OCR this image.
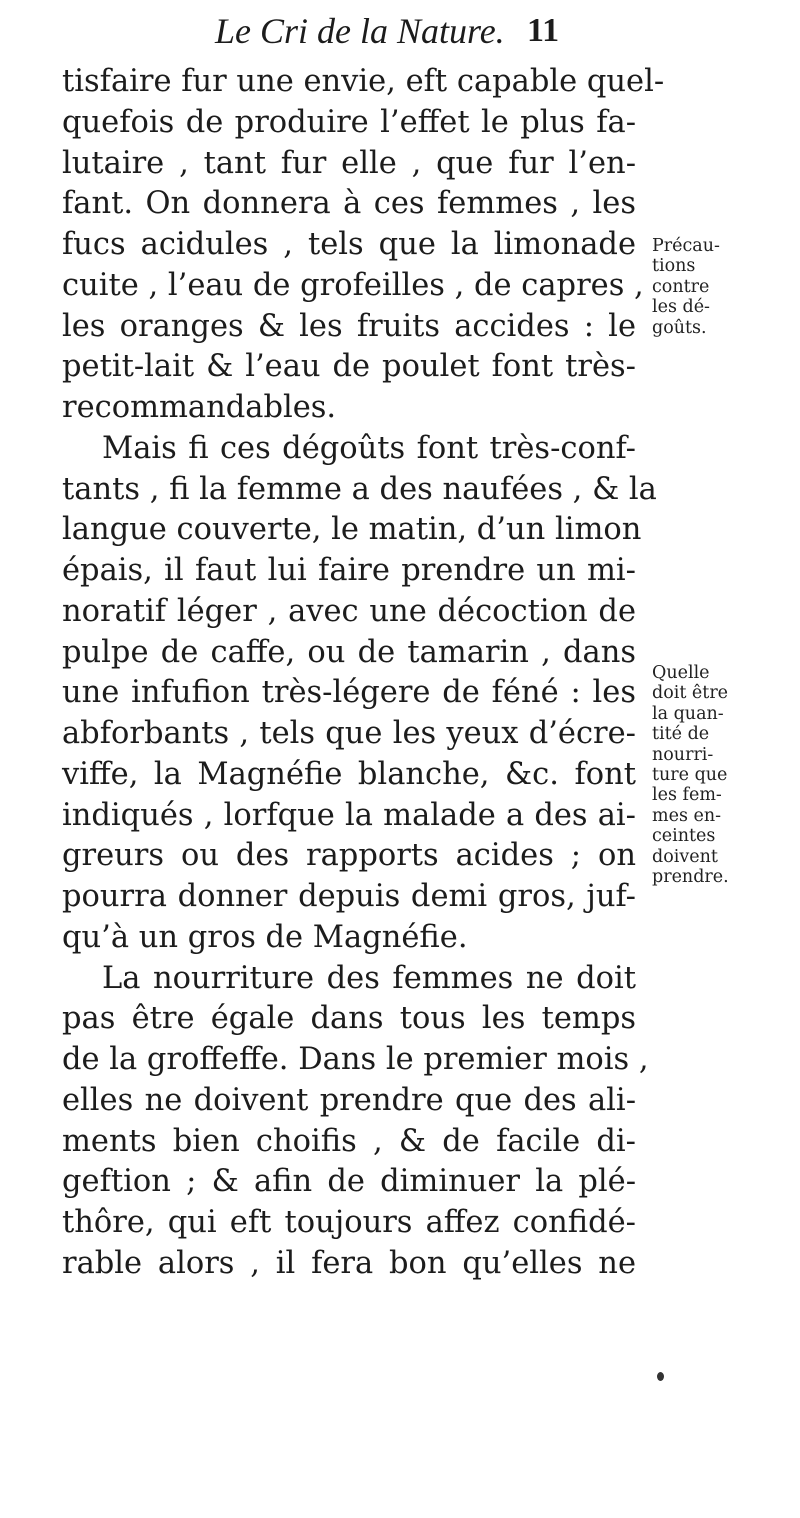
Le Cri de la Nature. 11
tisfaire fur une envie, eft capable quel-
quefois de produire l’effet le plus fa-
lutaire , tant fur elle , que fur l’en-
fant. On donnera à ces femmes , les
fucs acidules , tels que la limonade
cuite , l’eau de grofeilles , de capres ,
les oranges & les fruits accides : le
petit-lait & l’eau de poulet font très-
recommandables.
Mais fi ces dégoûts font très-conf-
tants , fi la femme a des naufées , & la
langue couverte, le matin, d’un limon
épais, il faut lui faire prendre un mi-
noratif léger , avec une décoction de
pulpe de caffe, ou de tamarin , dans
une infufion très-légere de féné : les
abforbants , tels que les yeux d’écre-
viffe, la Magnéfie blanche, &c. font
indiqués , lorfque la malade a des ai-
greurs ou des rapports acides ; on
pourra donner depuis demi gros, juf-
qu’à un gros de Magnéfie.
La nourriture des femmes ne doit
pas être égale dans tous les temps
de la groffeffe. Dans le premier mois ,
elles ne doivent prendre que des ali-
ments bien choifis , & de facile di-
geftion ; & afin de diminuer la plé-
thôre, qui eft toujours affez confidé-
rable alors , il fera bon qu’elles ne
Précau-
tions
contre
les dé-
goûts.
Quelle
doit être
la quan-
tité de
nourri-
ture que
les fem-
mes en-
ceintes
doivent
prendre.
